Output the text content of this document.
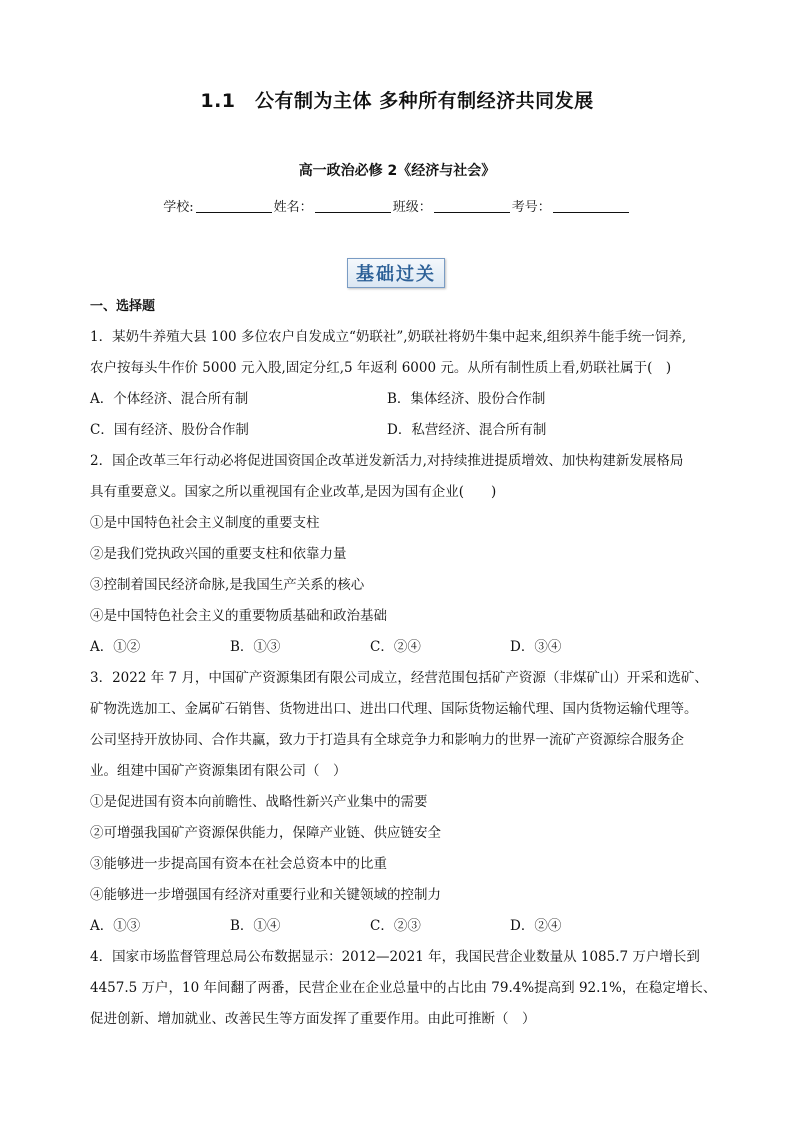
1.1　公有制为主体 多种所有制经济共同发展
高一政治必修 2《经济与社会》
学校:	姓名：	班级：	考号：
基础过关
一、选择题
1．某奶牛养殖大县 100 多位农户自发成立“奶联社”,奶联社将奶牛集中起来,组织养牛能手统一饲养,
农户按每头牛作价 5000 元入股,固定分红,5 年返利 6000 元。从所有制性质上看,奶联社属于(　)
A．个体经济、混合所有制	B．集体经济、股份合作制
C．国有经济、股份合作制	D．私营经济、混合所有制
2．国企改革三年行动必将促进国资国企改革迸发新活力,对持续推进提质增效、加快构建新发展格局
具有重要意义。国家之所以重视国有企业改革,是因为国有企业(　　)
①是中国特色社会主义制度的重要支柱
②是我们党执政兴国的重要支柱和依靠力量
③控制着国民经济命脉,是我国生产关系的核心
④是中国特色社会主义的重要物质基础和政治基础
A．①②	B．①③	C．②④	D．③④
3．2022 年 7 月，中国矿产资源集团有限公司成立，经营范围包括矿产资源（非煤矿山）开采和选矿、
矿物洗选加工、金属矿石销售、货物进出口、进出口代理、国际货物运输代理、国内货物运输代理等。
公司坚持开放协同、合作共赢，致力于打造具有全球竞争力和影响力的世界一流矿产资源综合服务企
业。组建中国矿产资源集团有限公司（　）
①是促进国有资本向前瞻性、战略性新兴产业集中的需要
②可增强我国矿产资源保供能力，保障产业链、供应链安全
③能够进一步提高国有资本在社会总资本中的比重
④能够进一步增强国有经济对重要行业和关键领域的控制力
A．①③	B．①④	C．②③	D．②④
4．国家市场监督管理总局公布数据显示：2012—2021 年，我国民营企业数量从 1085.7 万户增长到
4457.5 万户，10 年间翻了两番，民营企业在企业总量中的占比由 79.4%提高到 92.1%，在稳定增长、
促进创新、增加就业、改善民生等方面发挥了重要作用。由此可推断（　）
